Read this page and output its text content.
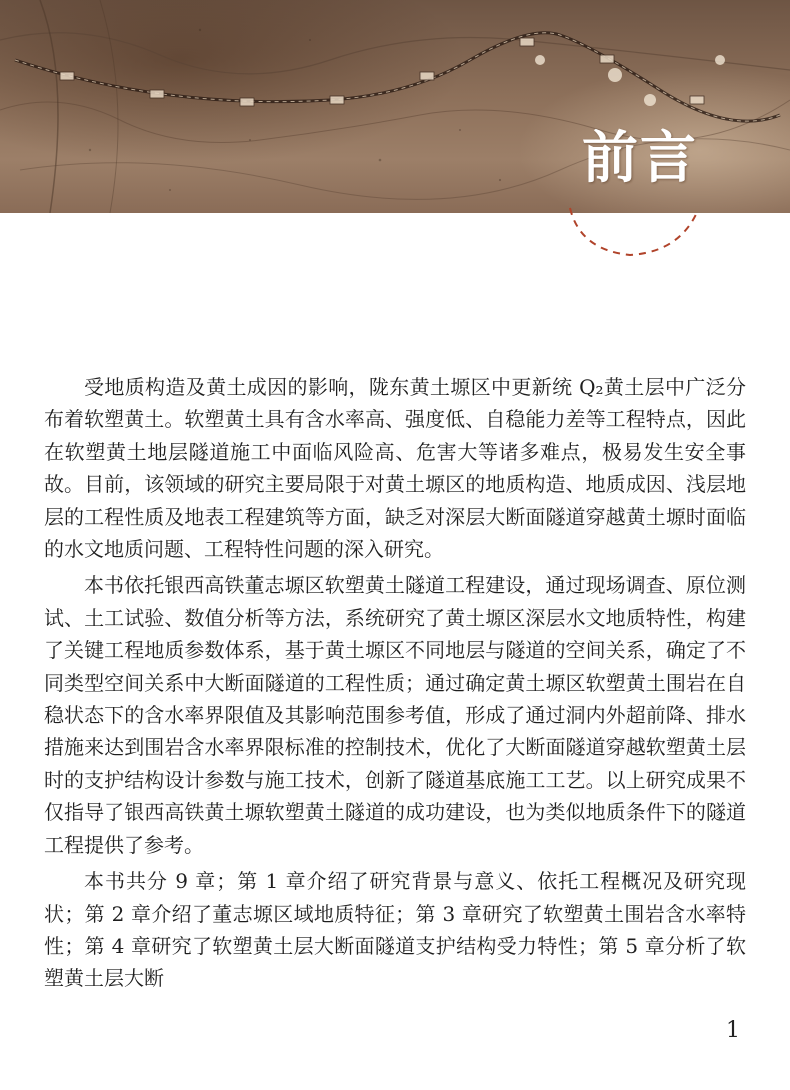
前言

受地质构造及黄土成因的影响，陇东黄土塬区中更新统 Q₂黄土层中广泛分布着软塑黄土。软塑黄土具有含水率高、强度低、自稳能力差等工程特点，因此在软塑黄土地层隧道施工中面临风险高、危害大等诸多难点，极易发生安全事故。目前，该领域的研究主要局限于对黄土塬区的地质构造、地质成因、浅层地层的工程性质及地表工程建筑等方面，缺乏对深层大断面隧道穿越黄土塬时面临的水文地质问题、工程特性问题的深入研究。

本书依托银西高铁董志塬区软塑黄土隧道工程建设，通过现场调查、原位测试、土工试验、数值分析等方法，系统研究了黄土塬区深层水文地质特性，构建了关键工程地质参数体系，基于黄土塬区不同地层与隧道的空间关系，确定了不同类型空间关系中大断面隧道的工程性质；通过确定黄土塬区软塑黄土围岩在自稳状态下的含水率界限值及其影响范围参考值，形成了通过洞内外超前降、排水措施来达到围岩含水率界限标准的控制技术，优化了大断面隧道穿越软塑黄土层时的支护结构设计参数与施工技术，创新了隧道基底施工工艺。以上研究成果不仅指导了银西高铁黄土塬软塑黄土隧道的成功建设，也为类似地质条件下的隧道工程提供了参考。

本书共分 9 章；第 1 章介绍了研究背景与意义、依托工程概况及研究现状；第 2 章介绍了董志塬区域地质特征；第 3 章研究了软塑黄土围岩含水率特性；第 4 章研究了软塑黄土层大断面隧道支护结构受力特性；第 5 章分析了软塑黄土层大断

1
